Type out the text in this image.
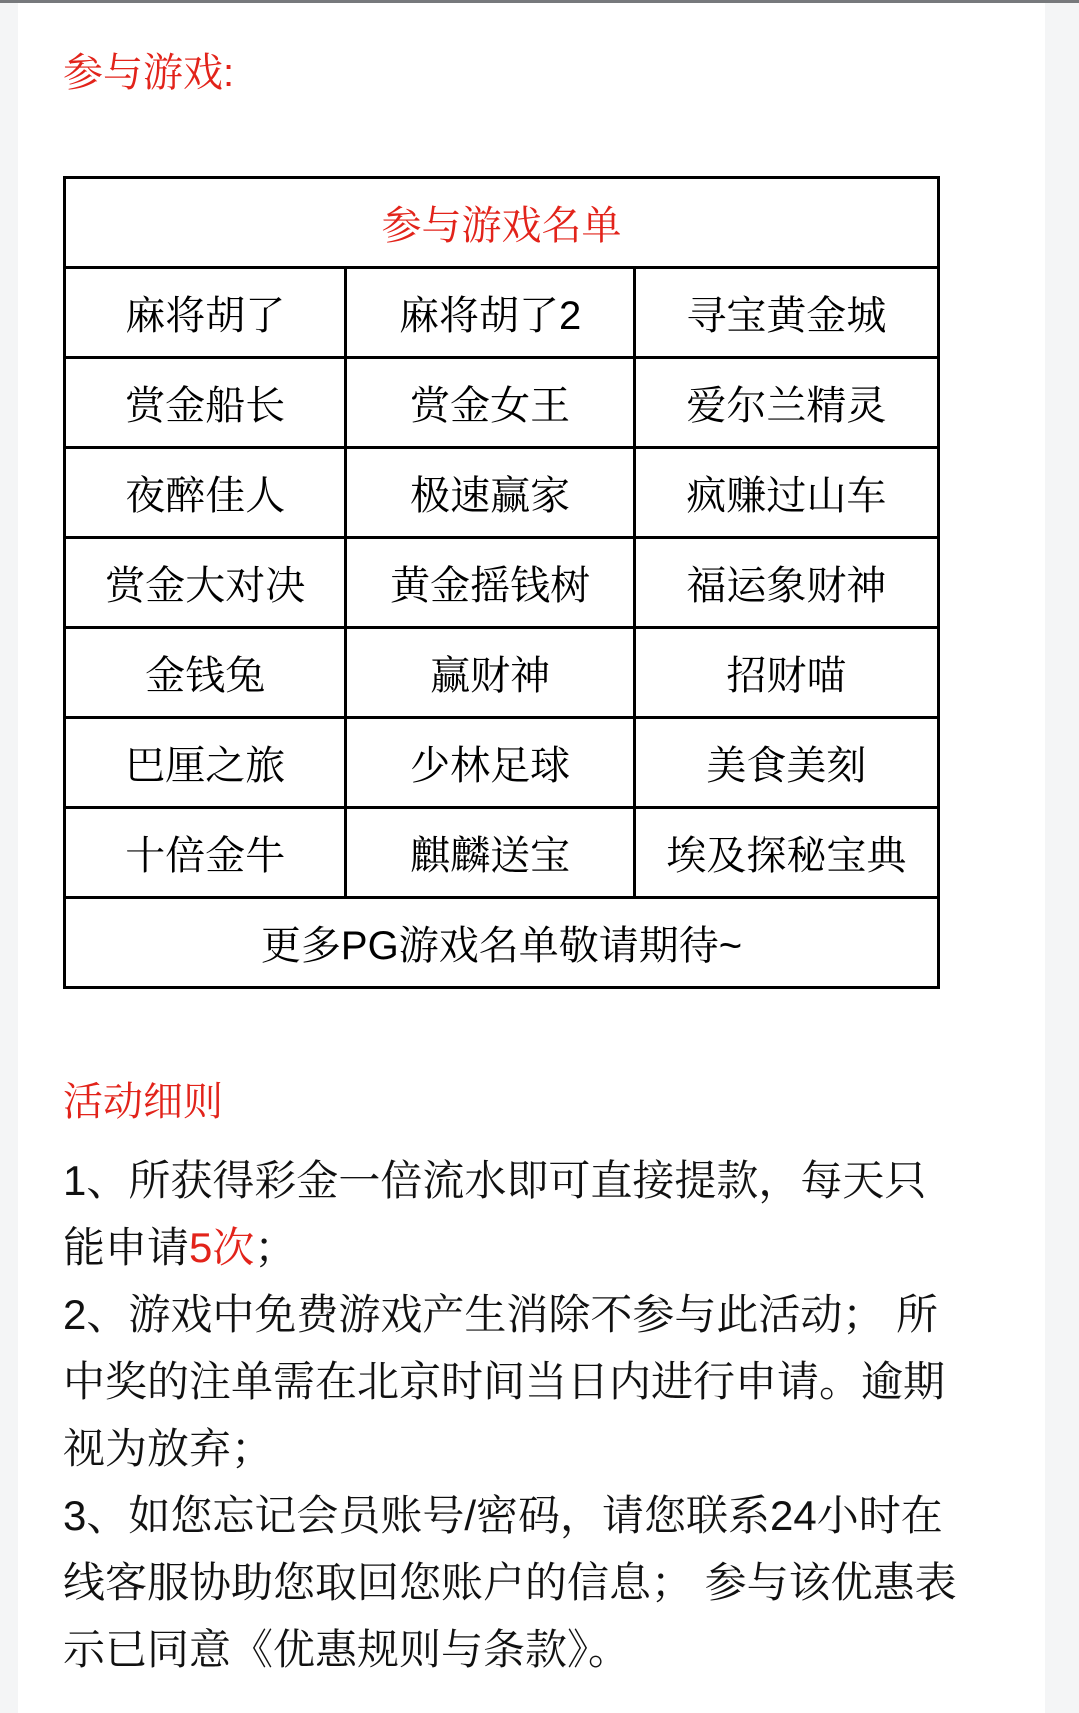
参与游戏:
参与游戏名单		
麻将胡了	麻将胡了2	寻宝黄金城
赏金船长	赏金女王	爱尔兰精灵
夜醉佳人	极速赢家	疯赚过山车
赏金大对决	黄金摇钱树	福运象财神
金钱兔	赢财神	招财喵
巴厘之旅	少林足球	美食美刻
十倍金牛	麒麟送宝	埃及探秘宝典
更多PG游戏名单敬请期待~		
活动细则
1、所获得彩金一倍流水即可直接提款，每天只
能申请5次；
2、游戏中免费游戏产生消除不参与此活动； 所
中奖的注单需在北京时间当日内进行申请。逾期
视为放弃；
3、如您忘记会员账号/密码，请您联系24小时在
线客服协助您取回您账户的信息； 参与该优惠表
示已同意《优惠规则与条款》。
